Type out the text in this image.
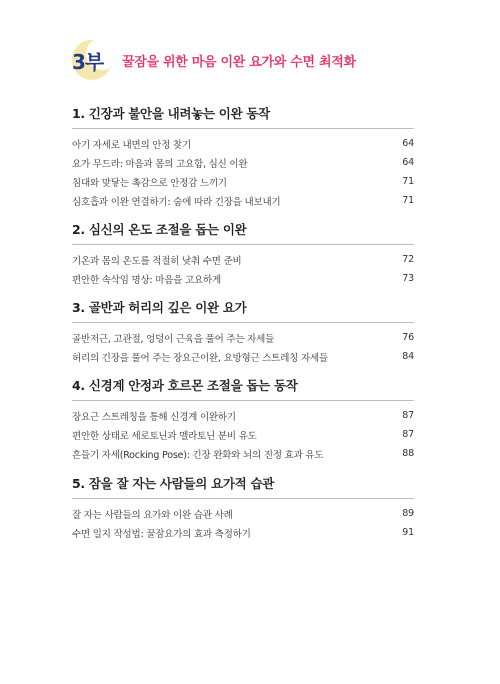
3부 꿀잠을 위한 마음 이완 요가와 수면 최적화
1. 긴장과 불안을 내려놓는 이완 동작
아기 자세로 내면의 안정 찾기	64
요가 무드라: 마음과 몸의 고요함, 심신 이완	64
침대와 맞닿는 촉감으로 안정감 느끼기	71
심호흡과 이완 연결하기: 숨에 따라 긴장을 내보내기	71
2. 심신의 온도 조절을 돕는 이완
기온과 몸의 온도를 적절히 낮춰 수면 준비	72
편안한 속삭임 명상: 마음을 고요하게	73
3. 골반과 허리의 깊은 이완 요가
골반저근, 고관절, 엉덩이 근육을 풀어 주는 자세들	76
허리의 긴장을 풀어 주는 장요근이완, 요방형근 스트레칭 자세들	84
4. 신경계 안정과 호르몬 조절을 돕는 동작
장요근 스트레칭을 통해 신경계 이완하기	87
편안한 상태로 세로토닌과 멜라토닌 분비 유도	87
흔들기 자세(Rocking Pose): 긴장 완화와 뇌의 진정 효과 유도	88
5. 잠을 잘 자는 사람들의 요가적 습관
잘 자는 사람들의 요가와 이완 습관 사례	89
수면 일지 작성법: 꿀잠요가의 효과 측정하기	91
